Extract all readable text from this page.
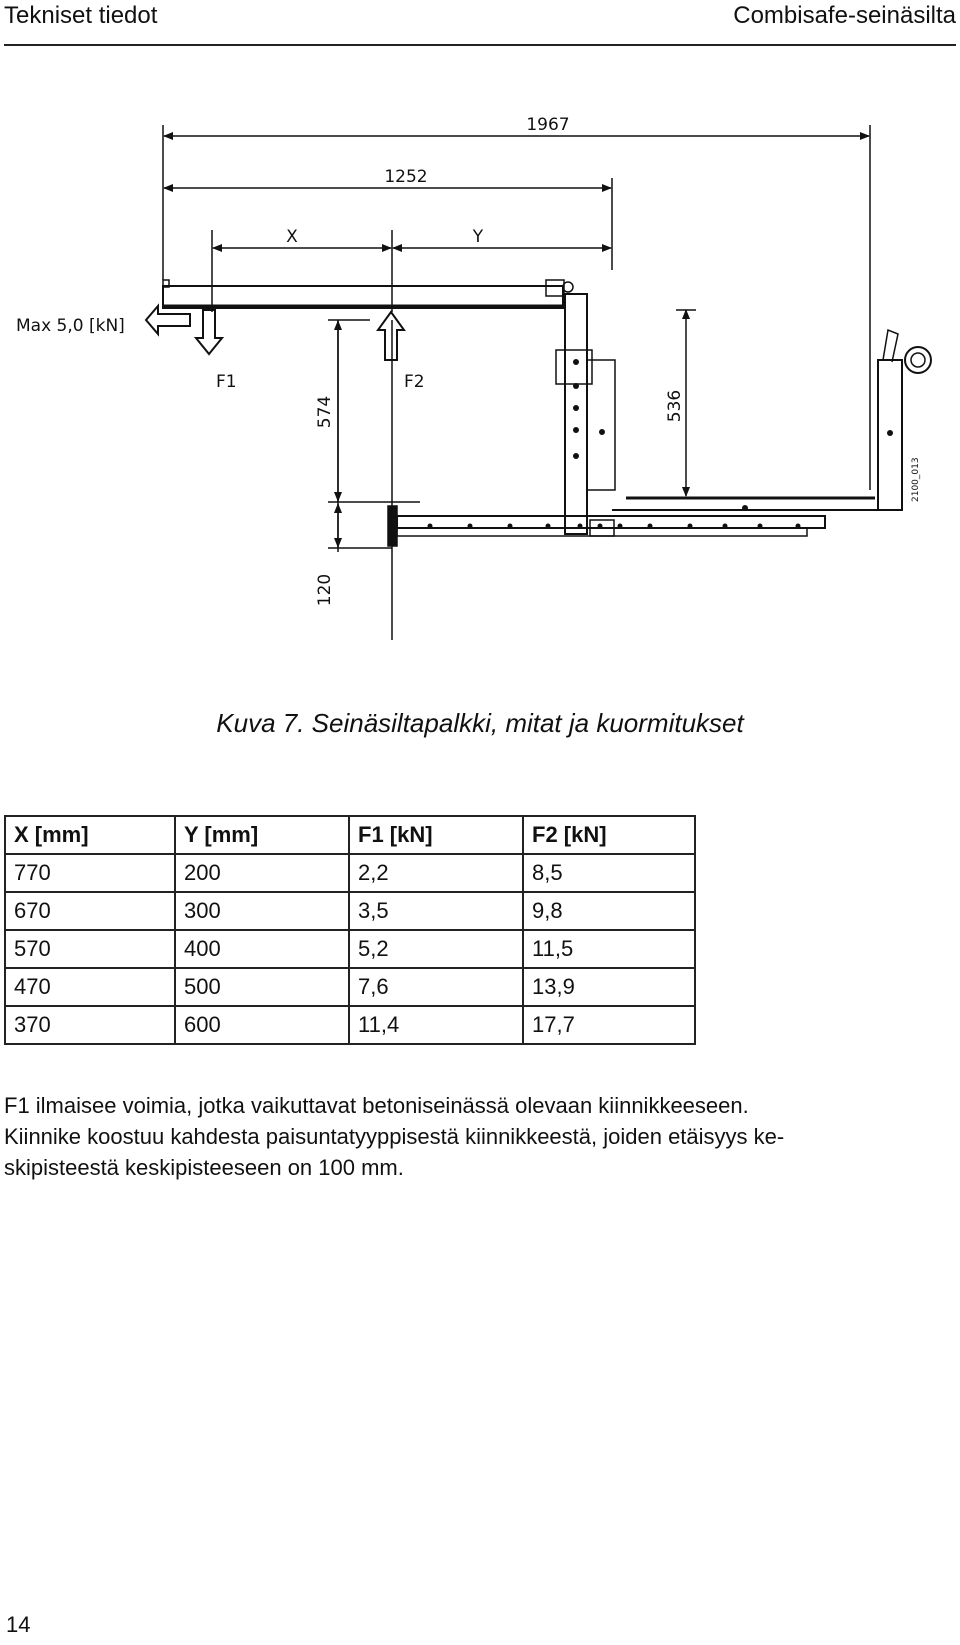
Tekniset tiedot	Combisafe-seinäsilta
1967
1252
X	Y
Max 5,0 [kN]
F1	F2
574	536
120
2100_013
Kuva 7. Seinäsiltapalkki, mitat ja kuormitukset
X [mm]	Y [mm]	F1 [kN]	F2 [kN]
770	200	2,2	8,5
670	300	3,5	9,8
570	400	5,2	11,5
470	500	7,6	13,9
370	600	11,4	17,7

F1 ilmaisee voimia, jotka vaikuttavat betoniseinässä olevaan kiinnikkeeseen.

Kiinnike koostuu kahdesta paisuntatyyppisestä kiinnikkeestä, joiden etäisyys ke-

skipisteestä keskipisteeseen on 100 mm.

14
